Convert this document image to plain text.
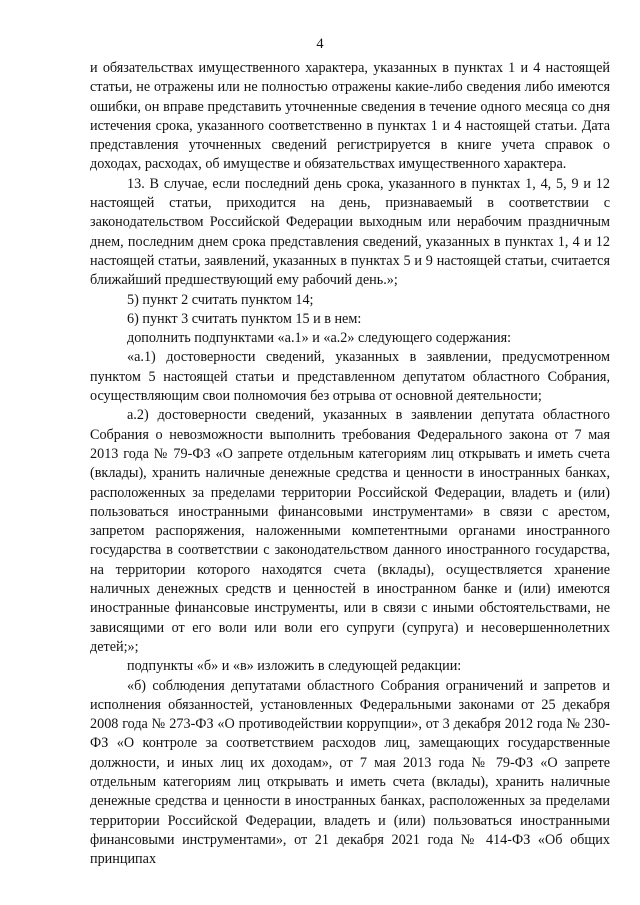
4

и обязательствах имущественного характера, указанных в пунктах 1 и 4 настоящей статьи, не отражены или не полностью отражены какие-либо сведения либо имеются ошибки, он вправе представить уточненные сведения в течение одного месяца со дня истечения срока, указанного соответственно в пунктах 1 и 4 настоящей статьи. Дата представления уточненных сведений регистрируется в книге учета справок о доходах, расходах, об имуществе и обязательствах имущественного характера.

13. В случае, если последний день срока, указанного в пунктах 1, 4, 5, 9 и 12 настоящей статьи, приходится на день, признаваемый в соответствии с законодательством Российской Федерации выходным или нерабочим праздничным днем, последним днем срока представления сведений, указанных в пунктах 1, 4 и 12 настоящей статьи, заявлений, указанных в пунктах 5 и 9 настоящей статьи, считается ближайший предшествующий ему рабочий день.»;

5) пункт 2 считать пунктом 14;

6) пункт 3 считать пунктом 15 и в нем:

дополнить подпунктами «а.1» и «а.2» следующего содержания:

«а.1) достоверности сведений, указанных в заявлении, предусмотренном пунктом 5 настоящей статьи и представленном депутатом областного Собрания, осуществляющим свои полномочия без отрыва от основной деятельности;

а.2) достоверности сведений, указанных в заявлении депутата областного Собрания о невозможности выполнить требования Федерального закона от 7 мая 2013 года № 79-ФЗ «О запрете отдельным категориям лиц открывать и иметь счета (вклады), хранить наличные денежные средства и ценности в иностранных банках, расположенных за пределами территории Российской Федерации, владеть и (или) пользоваться иностранными финансовыми инструментами» в связи с арестом, запретом распоряжения, наложенными компетентными органами иностранного государства в соответствии с законодательством данного иностранного государства, на территории которого находятся счета (вклады), осуществляется хранение наличных денежных средств и ценностей в иностранном банке и (или) имеются иностранные финансовые инструменты, или в связи с иными обстоятельствами, не зависящими от его воли или воли его супруги (супруга) и несовершеннолетних детей;»;

подпункты «б» и «в» изложить в следующей редакции:

«б) соблюдения депутатами областного Собрания ограничений и запретов и исполнения обязанностей, установленных Федеральными законами от 25 декабря 2008 года № 273-ФЗ «О противодействии коррупции», от 3 декабря 2012 года № 230-ФЗ «О контроле за соответствием расходов лиц, замещающих государственные должности, и иных лиц их доходам», от 7 мая 2013 года № 79-ФЗ «О запрете отдельным категориям лиц открывать и иметь счета (вклады), хранить наличные денежные средства и ценности в иностранных банках, расположенных за пределами территории Российской Федерации, владеть и (или) пользоваться иностранными финансовыми инструментами», от 21 декабря 2021 года № 414-ФЗ «Об общих принципах
